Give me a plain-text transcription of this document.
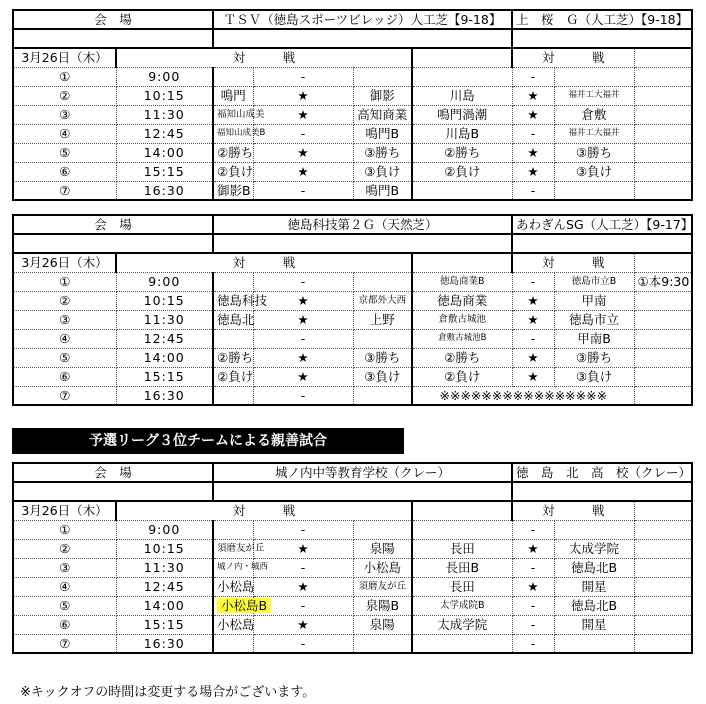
会　場		ＴＳＶ（徳島スポーツビレッジ）人工芝【9-18】				上　桜　Ｇ（人工芝）【9-18】		

3月26日（木）	対　　　戦					対　　　戦		
①	9:00		-			-		
②	10:15	鳴門	★	御影	川島	★	福井工大福井	
③	11:30	福知山成美	★	高知商業	鳴門渦潮	★	倉敷	
④	12:45	福知山成美B	-	鳴門B	川島B	-	福井工大福井	
⑤	14:00	②勝ち	★	③勝ち	②勝ち	★	③勝ち	
⑥	15:15	②負け	★	③負け	②負け	★	③負け	
⑦	16:30	御影B	-	鳴門B		-		
会　場		徳島科技第２Ｇ（天然芝）				あわぎんSG（人工芝）【9-17】		

3月26日（木）	対　　　戦					対　　　戦		
①	9:00		-		徳島商業B	-	徳島市立B	①本9:30
②	10:15	徳島科技	★	京都外大西	徳島商業	★	甲南	
③	11:30	徳島北	★	上野	倉敷古城池	★	徳島市立	
④	12:45		-		倉敷古城池B	-	甲南B	
⑤	14:00	②勝ち	★	③勝ち	②勝ち	★	③勝ち	
⑥	15:15	②負け	★	③負け	②負け	★	③負け	
⑦	16:30		-		※※※※※※※※※※※※※※※※			
予選リーグ３位チームによる親善試合
会　場		城ノ内中等教育学校（クレー）				徳　島　北　高　校（クレー）		

3月26日（木）	対　　　戦					対　　　戦		
①	9:00		-			-		
②	10:15	須磨友が丘	★	泉陽	長田	★	太成学院	
③	11:30	城ノ内・城西	-	小松島	長田B	-	徳島北B	
④	12:45	小松島	★	須磨友が丘	長田	★	開星	
⑤	14:00	小松島B	-	泉陽B	太学成院B	-	徳島北B	
⑥	15:15	小松島	★	泉陽	太成学院	-	開星	
⑦	16:30		-			-		
※キックオフの時間は変更する場合がございます。
